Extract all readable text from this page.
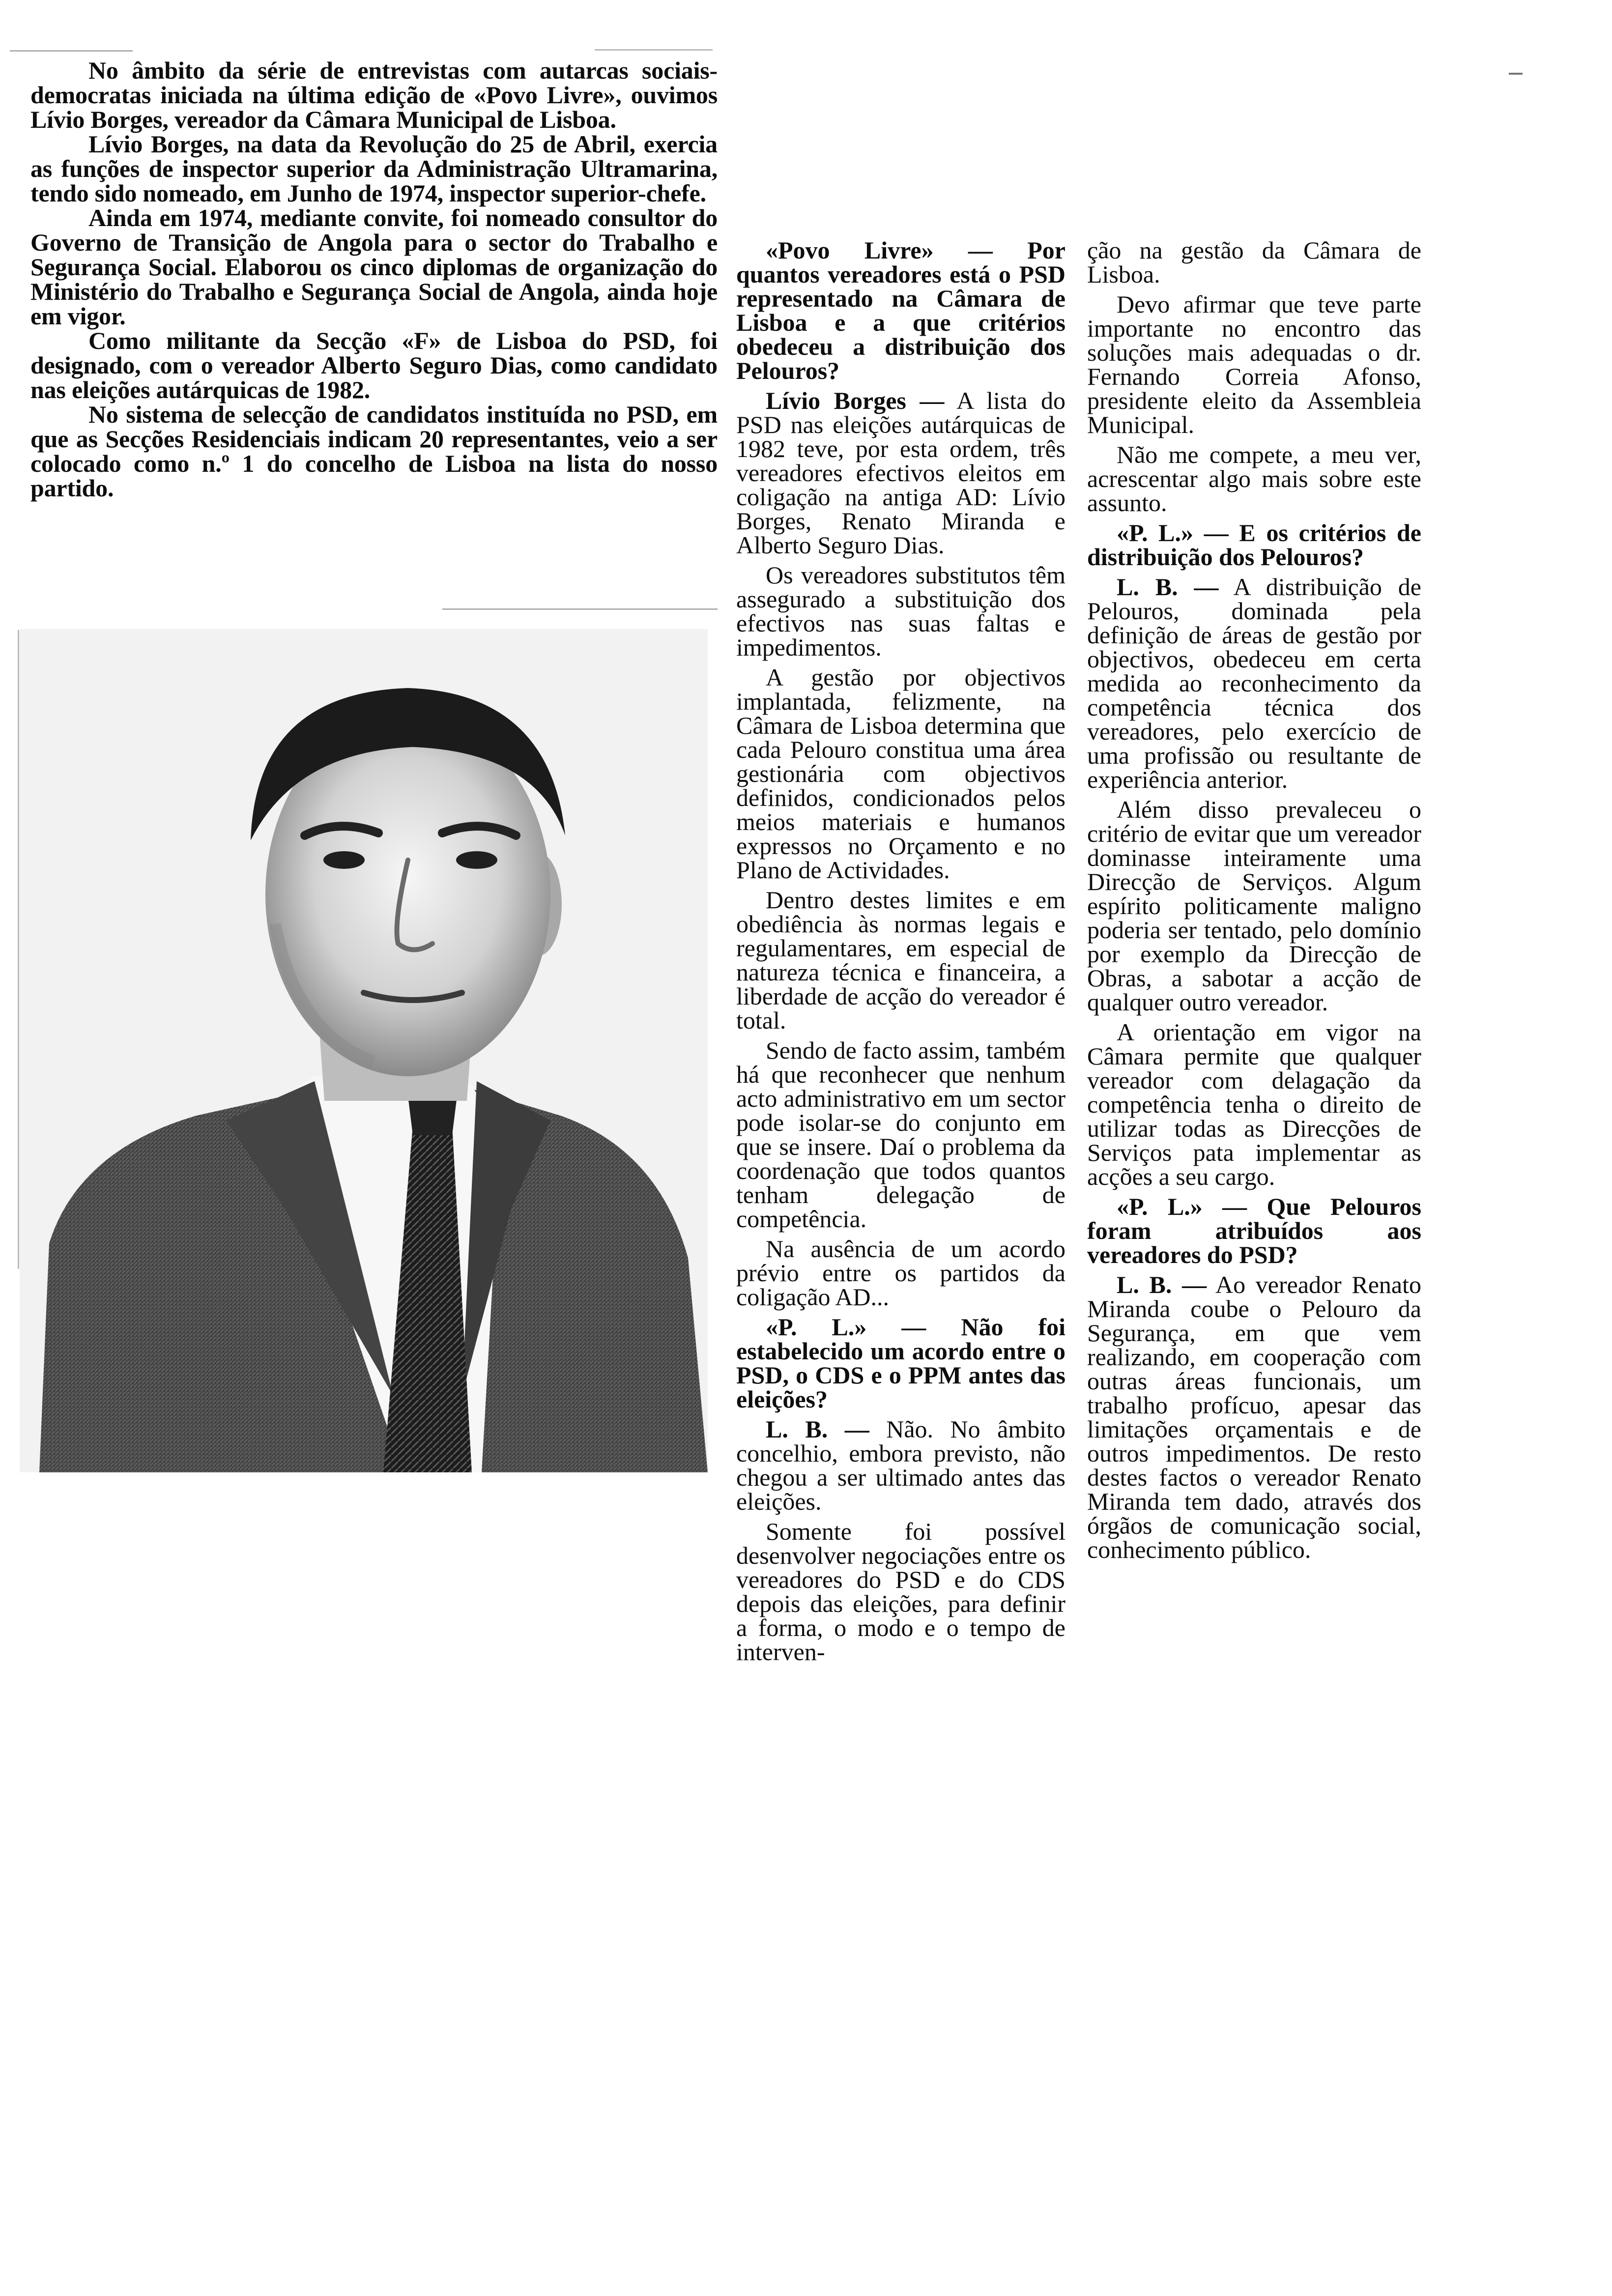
No âmbito da série de entrevistas com autarcas sociais-democratas iniciada na última edição de «Povo Livre», ouvimos Lívio Borges, vereador da Câmara Municipal de Lisboa.

Lívio Borges, na data da Revolução do 25 de Abril, exercia as funções de inspector superior da Administração Ultramarina, tendo sido nomeado, em Junho de 1974, inspector superior-chefe.

Ainda em 1974, mediante convite, foi nomeado consultor do Governo de Transição de Angola para o sector do Trabalho e Segurança Social. Elaborou os cinco diplomas de organização do Ministério do Trabalho e Segurança Social de Angola, ainda hoje em vigor.

Como militante da Secção «F» de Lisboa do PSD, foi designado, com o vereador Alberto Seguro Dias, como candidato nas eleições autárquicas de 1982.

No sistema de selecção de candidatos instituída no PSD, em que as Secções Residenciais indicam 20 representantes, veio a ser colocado como n.º 1 do concelho de Lisboa na lista do nosso partido.

«Povo Livre» — Por quantos vereadores está o PSD representado na Câmara de Lisboa e a que critérios obedeceu a distribuição dos Pelouros?

Lívio Borges — A lista do PSD nas eleições autárquicas de 1982 teve, por esta ordem, três vereadores efectivos eleitos em coligação na antiga AD: Lívio Borges, Renato Miranda e Alberto Seguro Dias.

Os vereadores substitutos têm assegurado a substituição dos efectivos nas suas faltas e impedimentos.

A gestão por objectivos implantada, felizmente, na Câmara de Lisboa determina que cada Pelouro constitua uma área gestionária com objectivos definidos, condicionados pelos meios materiais e humanos expressos no Orçamento e no Plano de Actividades.

Dentro destes limites e em obediência às normas legais e regulamentares, em especial de natureza técnica e financeira, a liberdade de acção do vereador é total.

Sendo de facto assim, também há que reconhecer que nenhum acto administrativo em um sector pode isolar-se do conjunto em que se insere. Daí o problema da coordenação que todos quantos tenham delegação de competência.

Na ausência de um acordo prévio entre os partidos da coligação AD...

«P. L.» — Não foi estabelecido um acordo entre o PSD, o CDS e o PPM antes das eleições?

L. B. — Não. No âmbito concelhio, embora previsto, não chegou a ser ultimado antes das eleições.

Somente foi possível desenvolver negociações entre os vereadores do PSD e do CDS depois das eleições, para definir a forma, o modo e o tempo de interven-

ção na gestão da Câmara de Lisboa.

Devo afirmar que teve parte importante no encontro das soluções mais adequadas o dr. Fernando Correia Afonso, presidente eleito da Assembleia Municipal.

Não me compete, a meu ver, acrescentar algo mais sobre este assunto.

«P. L.» — E os critérios de distribuição dos Pelouros?

L. B. — A distribuição de Pelouros, dominada pela definição de áreas de gestão por objectivos, obedeceu em certa medida ao reconhecimento da competência técnica dos vereadores, pelo exercício de uma profissão ou resultante de experiência anterior.

Além disso prevaleceu o critério de evitar que um vereador dominasse inteiramente uma Direcção de Serviços. Algum espírito politicamente maligno poderia ser tentado, pelo domínio por exemplo da Direcção de Obras, a sabotar a acção de qualquer outro vereador.

A orientação em vigor na Câmara permite que qualquer vereador com delagação da competência tenha o direito de utilizar todas as Direcções de Serviços pata implementar as acções a seu cargo.

«P. L.» — Que Pelouros foram atribuídos aos vereadores do PSD?

L. B. — Ao vereador Renato Miranda coube o Pelouro da Segurança, em que vem realizando, em cooperação com outras áreas funcionais, um trabalho profícuo, apesar das limitações orçamentais e de outros impedimentos. De resto destes factos o vereador Renato Miranda tem dado, através dos órgãos de comunicação social, conhecimento público.
